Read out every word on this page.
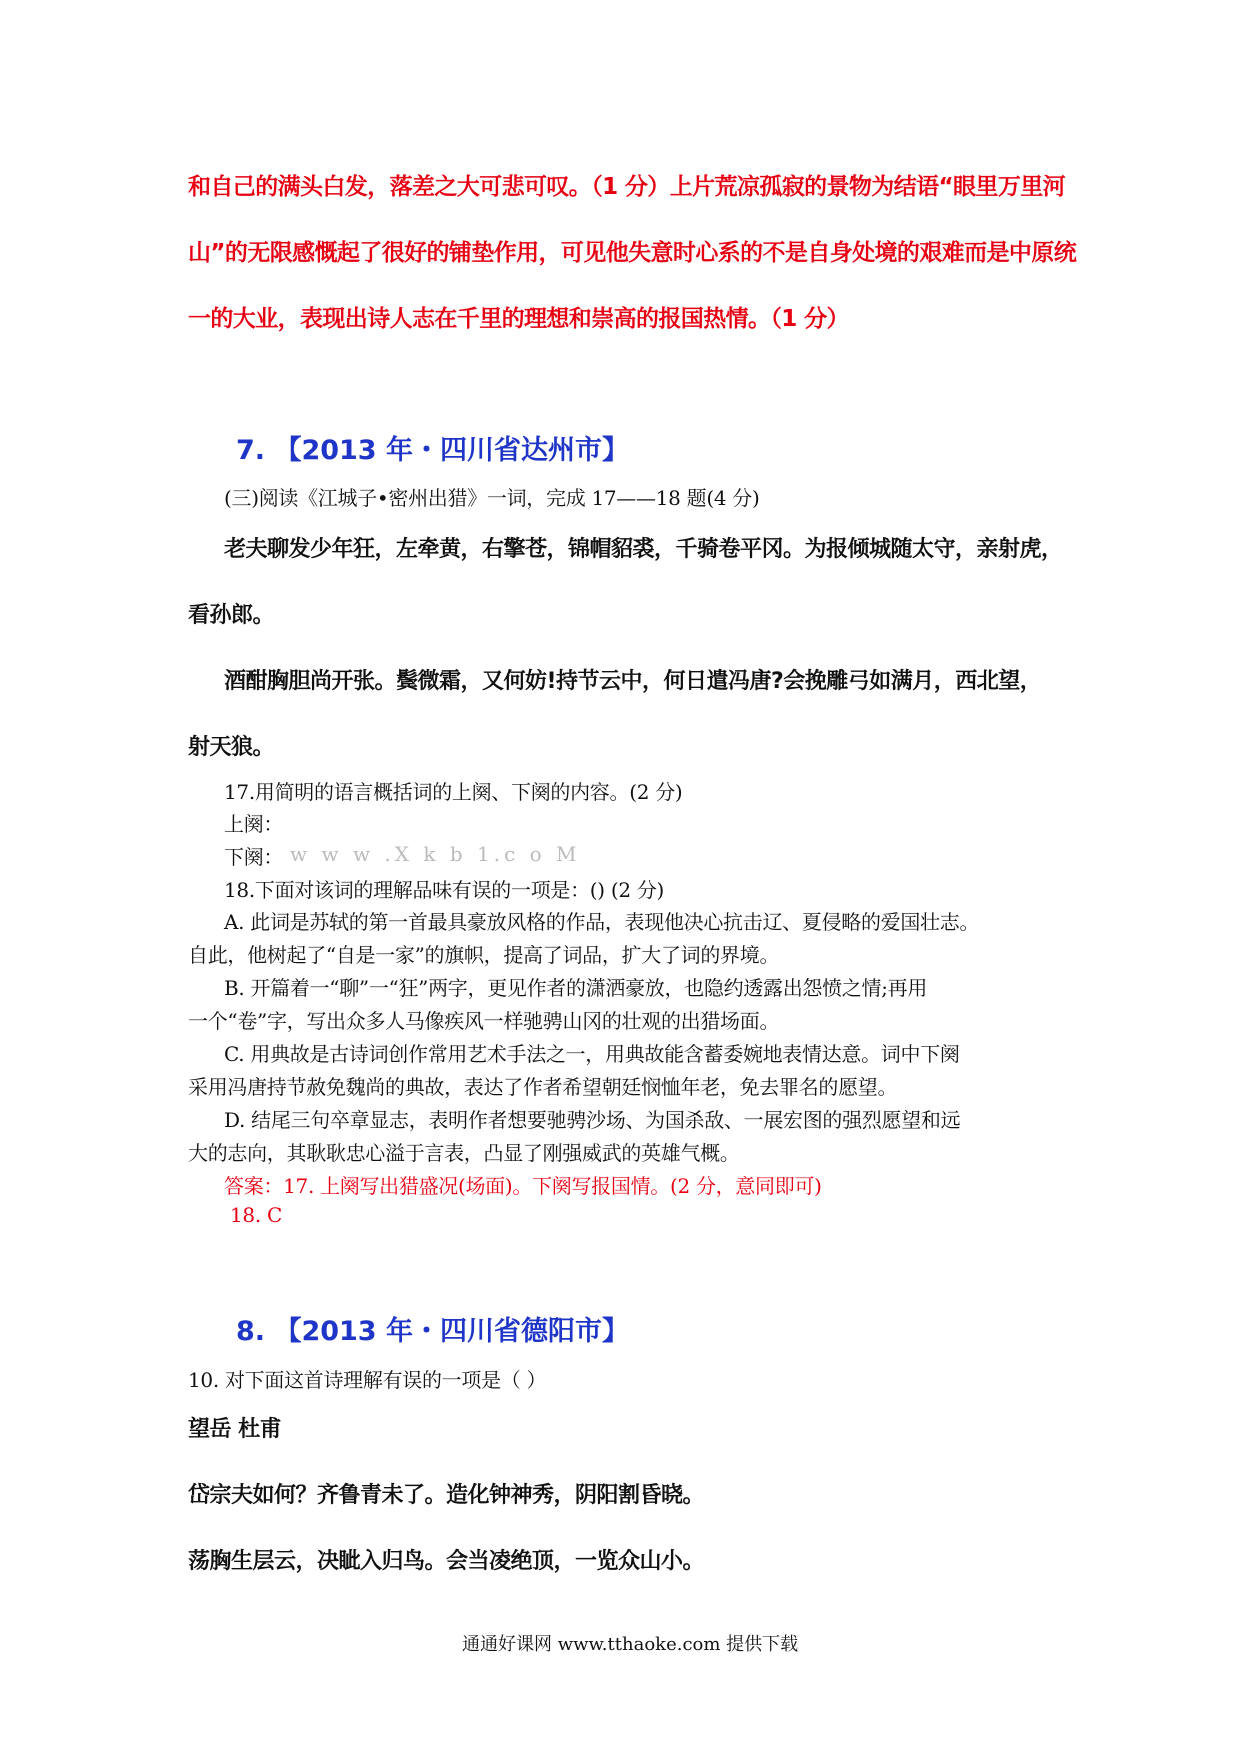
和自己的满头白发，落差之大可悲可叹。（1 分）上片荒凉孤寂的景物为结语“眼里万里河
山”的无限感慨起了很好的铺垫作用，可见他失意时心系的不是自身处境的艰难而是中原统
一的大业，表现出诗人志在千里的理想和崇高的报国热情。（1 分）
7. 【2013 年・四川省达州市】
(三)阅读《江城子•密州出猎》一词，完成 17——18 题(4 分)
老夫聊发少年狂，左牵黄，右擎苍，锦帽貂裘，千骑卷平冈。为报倾城随太守，亲射虎，
看孙郎。
酒酣胸胆尚开张。鬓微霜，又何妨!持节云中，何日遣冯唐?会挽雕弓如满月，西北望，
射天狼。
17.用简明的语言概括词的上阕、下阕的内容。(2 分)
上阕：
下阕： w w w .X k b 1.c o M
18.下面对该词的理解品味有误的一项是：() (2 分)
A. 此词是苏轼的第一首最具豪放风格的作品，表现他决心抗击辽、夏侵略的爱国壮志。
自此，他树起了“自是一家”的旗帜，提高了词品，扩大了词的界境。
B. 开篇着一“聊”一“狂”两字，更见作者的潇洒豪放，也隐约透露出怨愤之情;再用
一个“卷”字，写出众多人马像疾风一样驰骋山冈的壮观的出猎场面。
C. 用典故是古诗词创作常用艺术手法之一，用典故能含蓄委婉地表情达意。词中下阕
采用冯唐持节赦免魏尚的典故，表达了作者希望朝廷悯恤年老，免去罪名的愿望。
D. 结尾三句卒章显志，表明作者想要驰骋沙场、为国杀敌、一展宏图的强烈愿望和远
大的志向，其耿耿忠心溢于言表，凸显了刚强威武的英雄气概。
答案：17. 上阕写出猎盛况(场面)。下阕写报国情。(2 分，意同即可)
18. C
8. 【2013 年・四川省德阳市】
10. 对下面这首诗理解有误的一项是（ ）
望岳 杜甫
岱宗夫如何？齐鲁青未了。造化钟神秀，阴阳割昏晓。
荡胸生层云，决眦入归鸟。会当凌绝顶，一览众山小。
通通好课网 www.tthaoke.com 提供下载
